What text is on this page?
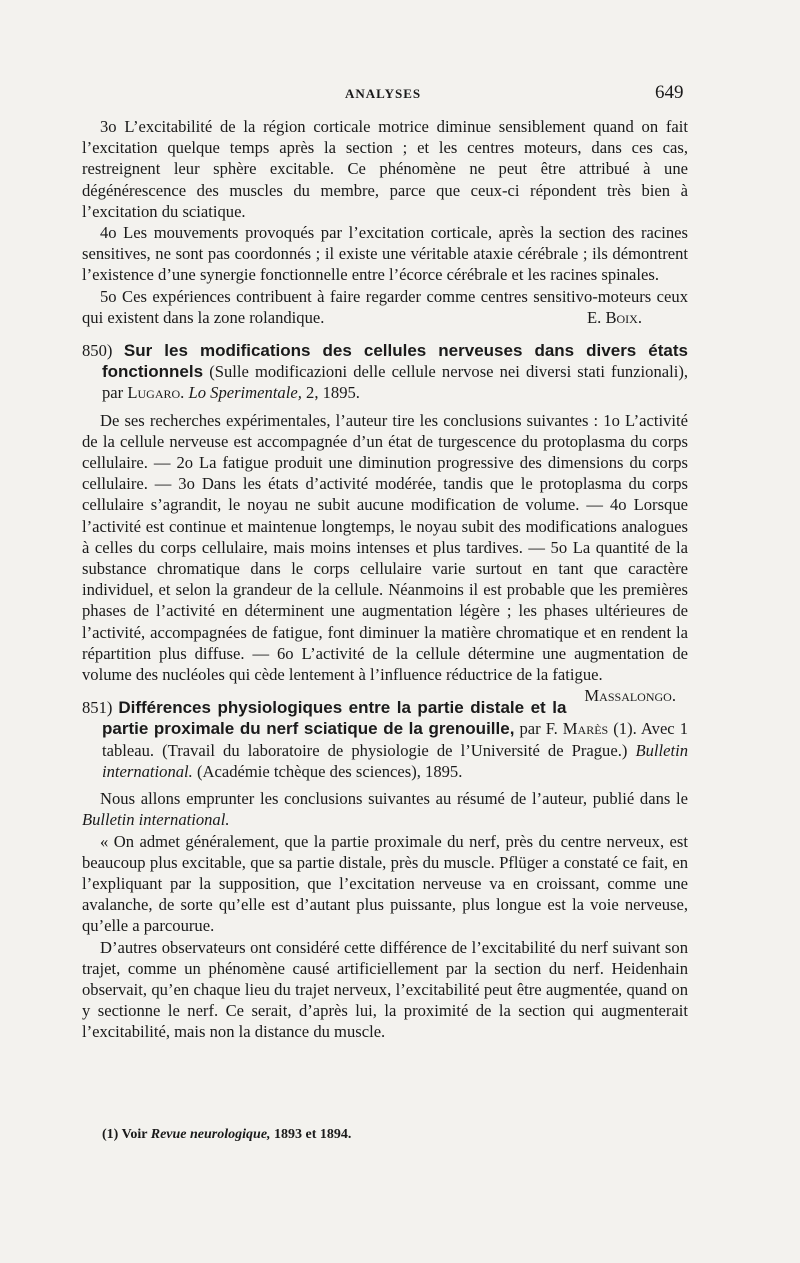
ANALYSES	649

3o L’excitabilité de la région corticale motrice diminue sensiblement quand on fait l’excitation quelque temps après la section ; et les centres moteurs, dans ces cas, restreignent leur sphère excitable. Ce phénomène ne peut être attribué à une dégénérescence des muscles du membre, parce que ceux-ci répondent très bien à l’excitation du sciatique.

4o Les mouvements provoqués par l’excitation corticale, après la section des racines sensitives, ne sont pas coordonnés ; il existe une véritable ataxie cérébrale ; ils démontrent l’existence d’une synergie fonctionnelle entre l’écorce cérébrale et les racines spinales.

5o Ces expériences contribuent à faire regarder comme centres sensitivo-moteurs ceux qui existent dans la zone rolandique.	E. Boix.

850) Sur les modifications des cellules nerveuses dans divers états fonctionnels (Sulle modificazioni delle cellule nervose nei diversi stati funzionali), par Lugaro. Lo Sperimentale, 2, 1895.

De ses recherches expérimentales, l’auteur tire les conclusions suivantes : 1o L’activité de la cellule nerveuse est accompagnée d’un état de turgescence du protoplasma du corps cellulaire. — 2o La fatigue produit une diminution progressive des dimensions du corps cellulaire. — 3o Dans les états d’activité modérée, tandis que le protoplasma du corps cellulaire s’agrandit, le noyau ne subit aucune modification de volume. — 4o Lorsque l’activité est continue et maintenue longtemps, le noyau subit des modifications analogues à celles du corps cellulaire, mais moins intenses et plus tardives. — 5o La quantité de la substance chromatique dans le corps cellulaire varie surtout en tant que caractère individuel, et selon la grandeur de la cellule. Néanmoins il est probable que les premières phases de l’activité en déterminent une augmentation légère ; les phases ultérieures de l’activité, accompagnées de fatigue, font diminuer la matière chromatique et en rendent la répartition plus diffuse. — 6o L’activité de la cellule détermine une augmentation de volume des nucléoles qui cède lentement à l’influence réductrice de la fatigue.
Massalongo.

851) Différences physiologiques entre la partie distale et la partie proximale du nerf sciatique de la grenouille, par F. Marès (1). Avec 1 tableau. (Travail du laboratoire de physiologie de l’Université de Prague.) Bulletin international. (Académie tchèque des sciences), 1895.

Nous allons emprunter les conclusions suivantes au résumé de l’auteur, publié dans le Bulletin international.

« On admet généralement, que la partie proximale du nerf, près du centre nerveux, est beaucoup plus excitable, que sa partie distale, près du muscle. Pflüger a constaté ce fait, en l’expliquant par la supposition, que l’excitation nerveuse va en croissant, comme une avalanche, de sorte qu’elle est d’autant plus puissante, plus longue est la voie nerveuse, qu’elle a parcourue.

D’autres observateurs ont considéré cette différence de l’excitabilité du nerf suivant son trajet, comme un phénomène causé artificiellement par la section du nerf. Heidenhain observait, qu’en chaque lieu du trajet nerveux, l’excitabilité peut être augmentée, quand on y sectionne le nerf. Ce serait, d’après lui, la proximité de la section qui augmenterait l’excitabilité, mais non la distance du muscle.

(1) Voir Revue neurologique, 1893 et 1894.
